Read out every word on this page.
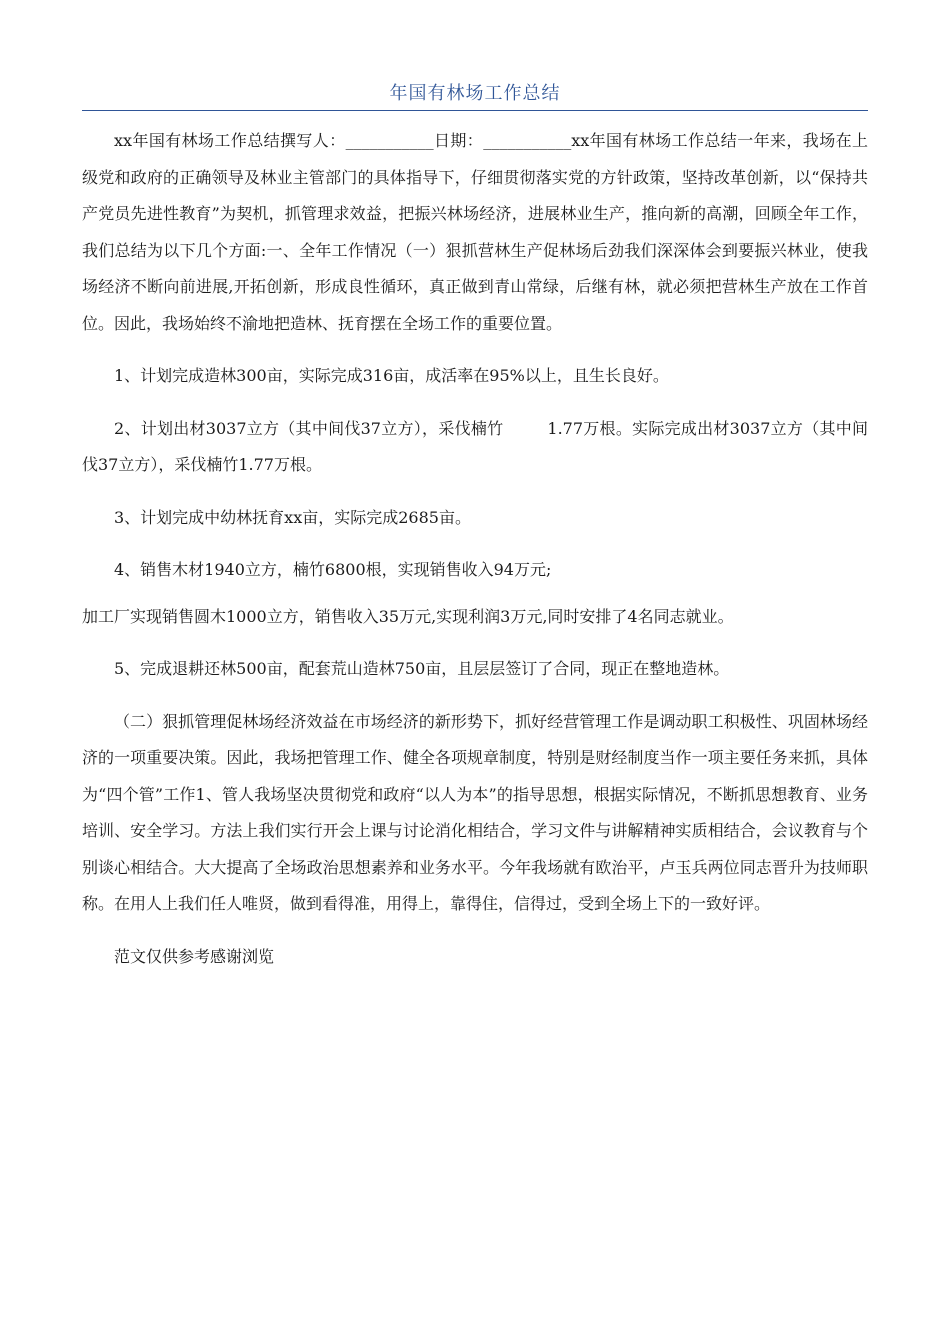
年国有林场工作总结

xx年国有林场工作总结撰写人：___________日期：___________xx年国有林场工作总结一年来，我场在上级党和政府的正确领导及林业主管部门的具体指导下，仔细贯彻落实党的方针政策，坚持改革创新，以“保持共产党员先进性教育”为契机，抓管理求效益，把振兴林场经济，进展林业生产，推向新的高潮，回顾全年工作，我们总结为以下几个方面:一、全年工作情况（一）狠抓营林生产促林场后劲我们深深体会到要振兴林业，使我场经济不断向前进展,开拓创新，形成良性循环，真正做到青山常绿，后继有林，就必须把营林生产放在工作首位。因此，我场始终不渝地把造林、抚育摆在全场工作的重要位置。

1、计划完成造林300亩，实际完成316亩，成活率在95%以上，且生长良好。

2、计划出材3037立方（其中间伐37立方），采伐楠竹	1.77万根。实际完成出材3037立方（其中间伐37立方），采伐楠竹1.77万根。

3、计划完成中幼林抚育xx亩，实际完成2685亩。

4、销售木材1940立方，楠竹6800根，实现销售收入94万元;

加工厂实现销售圆木1000立方，销售收入35万元,实现利润3万元,同时安排了4名同志就业。

5、完成退耕还林500亩，配套荒山造林750亩，且层层签订了合同，现正在整地造林。

（二）狠抓管理促林场经济效益在市场经济的新形势下，抓好经营管理工作是调动职工积极性、巩固林场经济的一项重要决策。因此，我场把管理工作、健全各项规章制度，特别是财经制度当作一项主要任务来抓，具体为“四个管”工作1、管人我场坚决贯彻党和政府“以人为本”的指导思想，根据实际情况，不断抓思想教育、业务培训、安全学习。方法上我们实行开会上课与讨论消化相结合，学习文件与讲解精神实质相结合，会议教育与个别谈心相结合。大大提高了全场政治思想素养和业务水平。今年我场就有欧治平，卢玉兵两位同志晋升为技师职称。在用人上我们任人唯贤，做到看得准，用得上，靠得住，信得过，受到全场上下的一致好评。

范文仅供参考感谢浏览
